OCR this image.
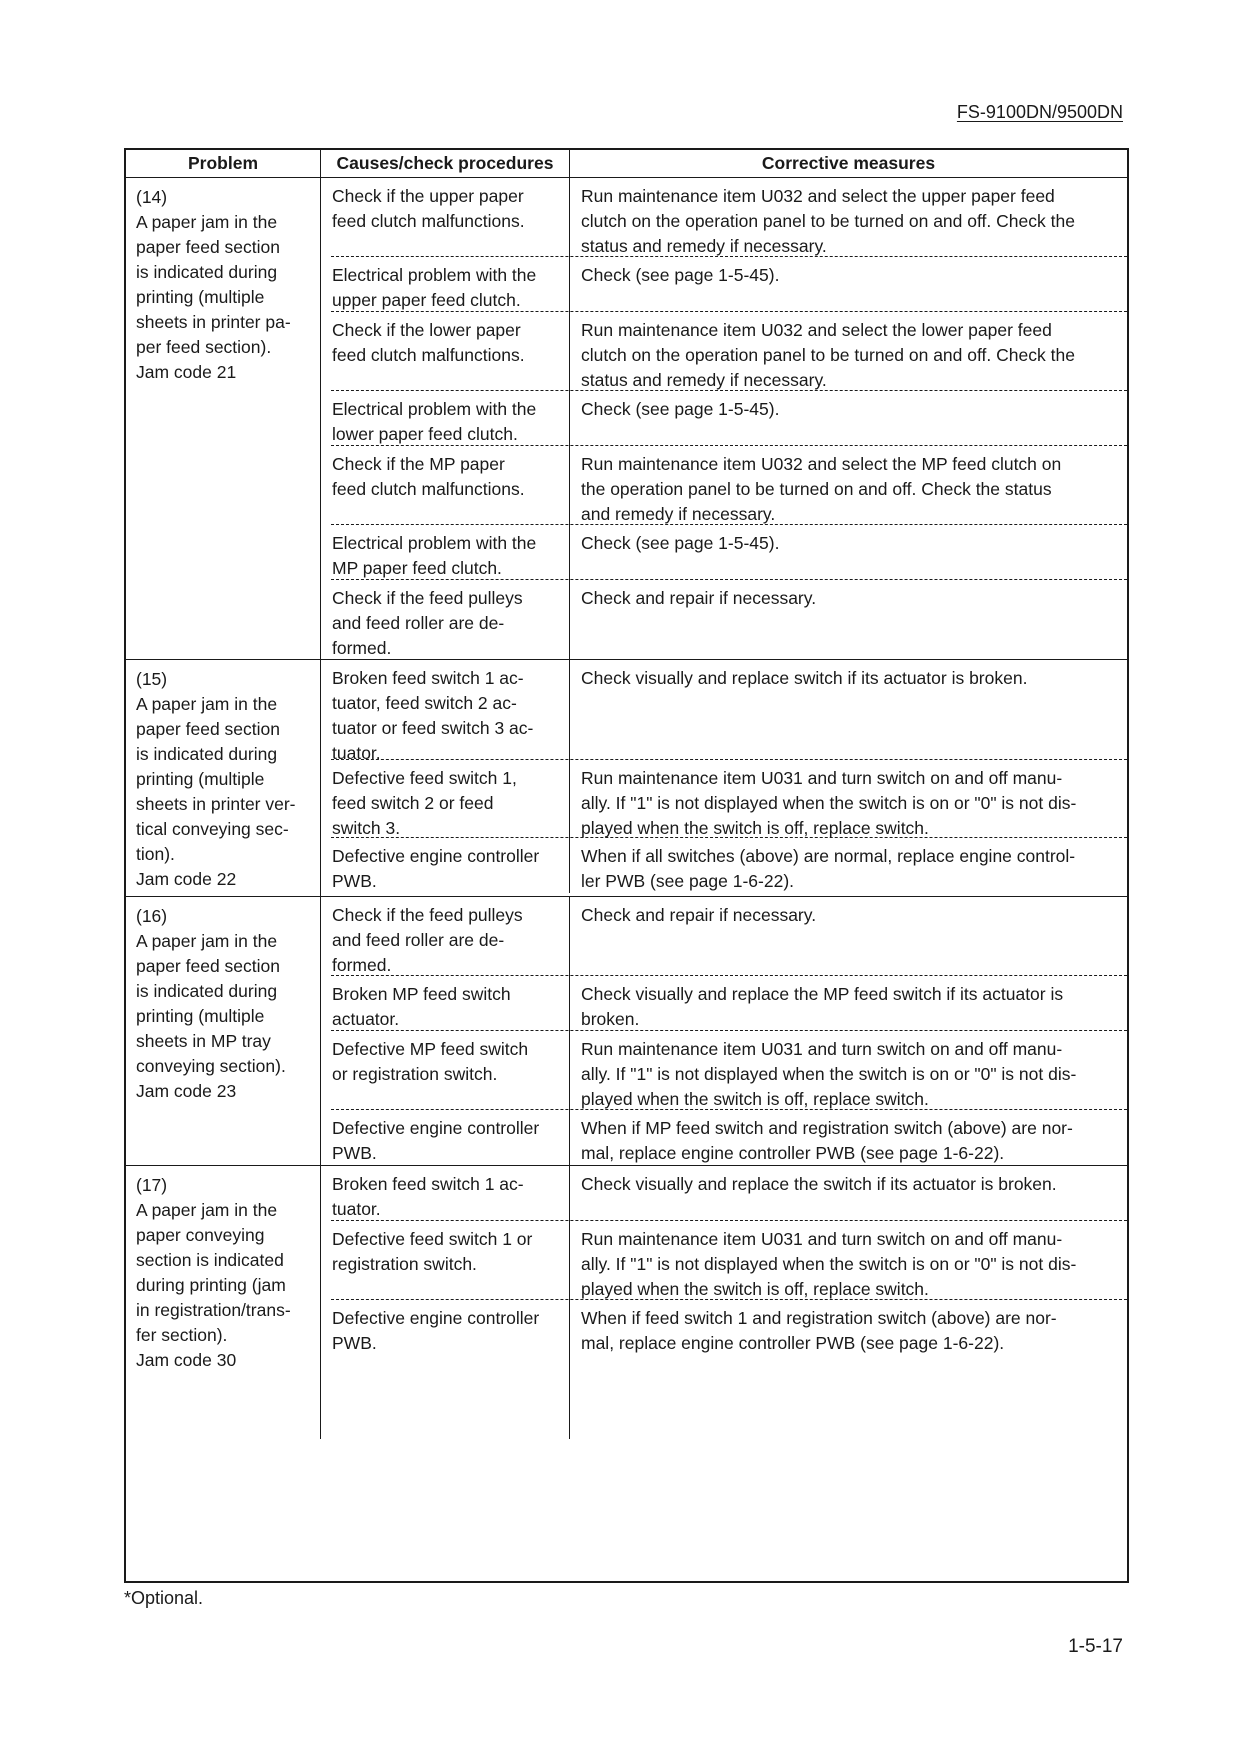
FS-9100DN/9500DN
Problem	Causes/check procedures	Corrective measures
(14)
A paper jam in the
paper feed section
is indicated during
printing (multiple
sheets in printer pa-
per feed section).
Jam code 21
Check if the upper paper
feed clutch malfunctions.
Run maintenance item U032 and select the upper paper feed
clutch on the operation panel to be turned on and off. Check the
status and remedy if necessary.
Electrical problem with the
upper paper feed clutch.
Check (see page 1-5-45).
Check if the lower paper
feed clutch malfunctions.
Run maintenance item U032 and select the lower paper feed
clutch on the operation panel to be turned on and off. Check the
status and remedy if necessary.
Electrical problem with the
lower paper feed clutch.
Check (see page 1-5-45).
Check if the MP paper
feed clutch malfunctions.
Run maintenance item U032 and select the MP feed clutch on
the operation panel to be turned on and off. Check the status
and remedy if necessary.
Electrical problem with the
MP paper feed clutch.
Check (see page 1-5-45).
Check if the feed pulleys
and feed roller are de-
formed.
Check and repair if necessary.
(15)
A paper jam in the
paper feed section
is indicated during
printing (multiple
sheets in printer ver-
tical conveying sec-
tion).
Jam code 22
Broken feed switch 1 ac-
tuator, feed switch 2 ac-
tuator or feed switch 3 ac-
tuator.
Check visually and replace switch if its actuator is broken.
Defective feed switch 1,
feed switch 2 or feed
switch 3.
Run maintenance item U031 and turn switch on and off manu-
ally. If "1" is not displayed when the switch is on or "0" is not dis-
played when the switch is off, replace switch.
Defective engine controller
PWB.
When if all switches (above) are normal, replace engine control-
ler PWB (see page 1-6-22).
(16)
A paper jam in the
paper feed section
is indicated during
printing (multiple
sheets in MP tray
conveying section).
Jam code 23
Check if the feed pulleys
and feed roller are de-
formed.
Check and repair if necessary.
Broken MP feed switch
actuator.
Check visually and replace the MP feed switch if its actuator is
broken.
Defective MP feed switch
or registration switch.
Run maintenance item U031 and turn switch on and off manu-
ally. If "1" is not displayed when the switch is on or "0" is not dis-
played when the switch is off, replace switch.
Defective engine controller
PWB.
When if MP feed switch and registration switch (above) are nor-
mal, replace engine controller PWB (see page 1-6-22).
(17)
A paper jam in the
paper conveying
section is indicated
during printing (jam
in registration/trans-
fer section).
Jam code 30
Broken feed switch 1 ac-
tuator.
Check visually and replace the switch if its actuator is broken.
Defective feed switch 1 or
registration switch.
Run maintenance item U031 and turn switch on and off manu-
ally. If "1" is not displayed when the switch is on or "0" is not dis-
played when the switch is off, replace switch.
Defective engine controller
PWB.
When if feed switch 1 and registration switch (above) are nor-
mal, replace engine controller PWB (see page 1-6-22).
*Optional.
1-5-17
